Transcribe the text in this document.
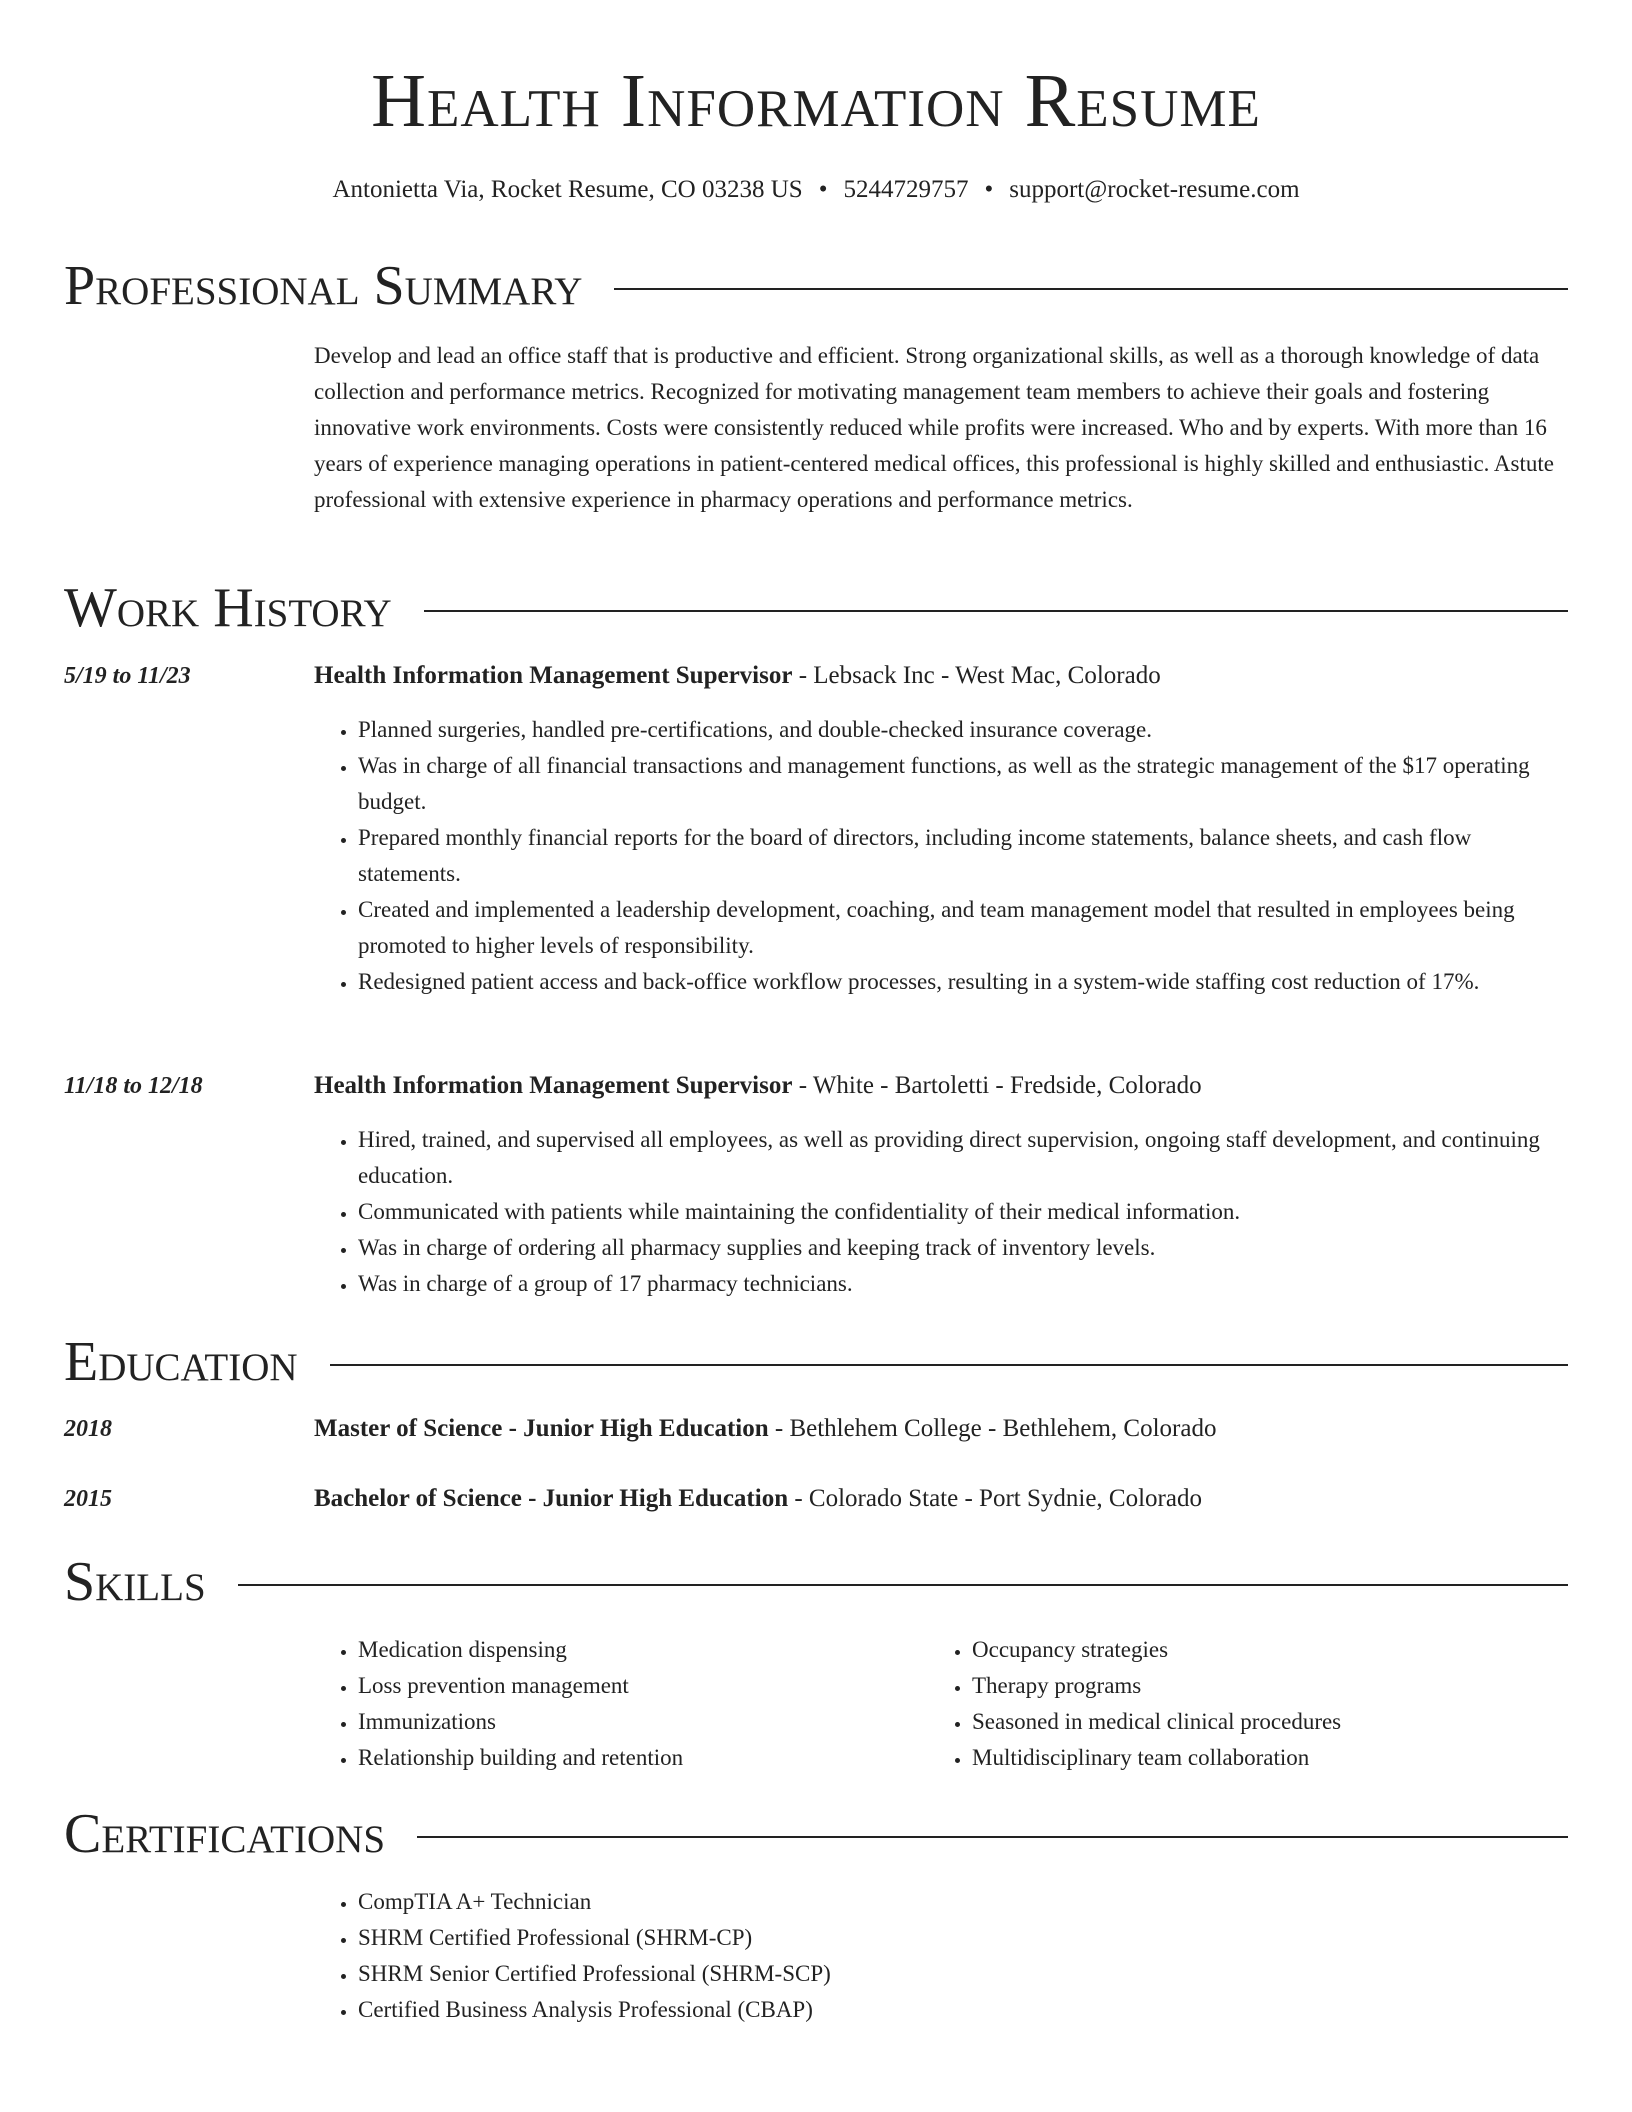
Health Information Resume
Antonietta Via, Rocket Resume, CO 03238 US • 5244729757 • support@rocket-resume.com
Professional Summary

Develop and lead an office staff that is productive and efficient. Strong organizational skills, as well as a thorough knowledge of data collection and performance metrics. Recognized for motivating management team members to achieve their goals and fostering innovative work environments. Costs were consistently reduced while profits were increased. Who and by experts. With more than 16 years of experience managing operations in patient-centered medical offices, this professional is highly skilled and enthusiastic. Astute professional with extensive experience in pharmacy operations and performance metrics.

Work History
5/19 to 11/23	Health Information Management Supervisor - Lebsack Inc - West Mac, Colorado
• Planned surgeries, handled pre-certifications, and double-checked insurance coverage.
• Was in charge of all financial transactions and management functions, as well as the strategic management of the $17 operating budget.
• Prepared monthly financial reports for the board of directors, including income statements, balance sheets, and cash flow statements.
• Created and implemented a leadership development, coaching, and team management model that resulted in employees being promoted to higher levels of responsibility.
• Redesigned patient access and back-office workflow processes, resulting in a system-wide staffing cost reduction of 17%.
11/18 to 12/18	Health Information Management Supervisor - White - Bartoletti - Fredside, Colorado
• Hired, trained, and supervised all employees, as well as providing direct supervision, ongoing staff development, and continuing education.
• Communicated with patients while maintaining the confidentiality of their medical information.
• Was in charge of ordering all pharmacy supplies and keeping track of inventory levels.
• Was in charge of a group of 17 pharmacy technicians.
Education
2018	Master of Science - Junior High Education - Bethlehem College - Bethlehem, Colorado
2015	Bachelor of Science - Junior High Education - Colorado State - Port Sydnie, Colorado
Skills
• Medication dispensing
• Loss prevention management
• Immunizations
• Relationship building and retention
• Occupancy strategies
• Therapy programs
• Seasoned in medical clinical procedures
• Multidisciplinary team collaboration
Certifications
• CompTIA A+ Technician
• SHRM Certified Professional (SHRM-CP)
• SHRM Senior Certified Professional (SHRM-SCP)
• Certified Business Analysis Professional (CBAP)
